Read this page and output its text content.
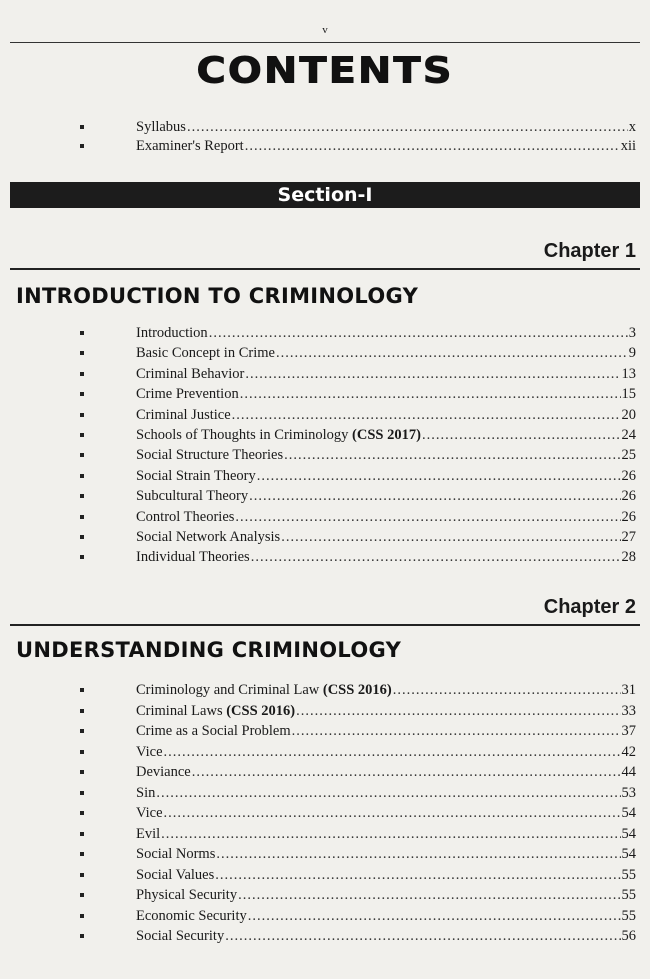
v
CONTENTS
Syllabus .....	x
Examiner's Report .....	xii
Section-I
Chapter 1
INTRODUCTION TO CRIMINOLOGY
Introduction .....	3
Basic Concept in Crime .....	9
Criminal Behavior .....	13
Crime Prevention .....	15
Criminal Justice .....	20
Schools of Thoughts in Criminology (CSS 2017) .....	24
Social Structure Theories .....	25
Social Strain Theory .....	26
Subcultural Theory .....	26
Control Theories .....	26
Social Network Analysis .....	27
Individual Theories .....	28
Chapter 2
UNDERSTANDING CRIMINOLOGY
Criminology and Criminal Law (CSS 2016) .....	31
Criminal Laws (CSS 2016) .....	33
Crime as a Social Problem .....	37
Vice .....	42
Deviance .....	44
Sin .....	53
Vice .....	54
Evil .....	54
Social Norms .....	54
Social Values .....	55
Physical Security .....	55
Economic Security .....	55
Social Security .....	56
